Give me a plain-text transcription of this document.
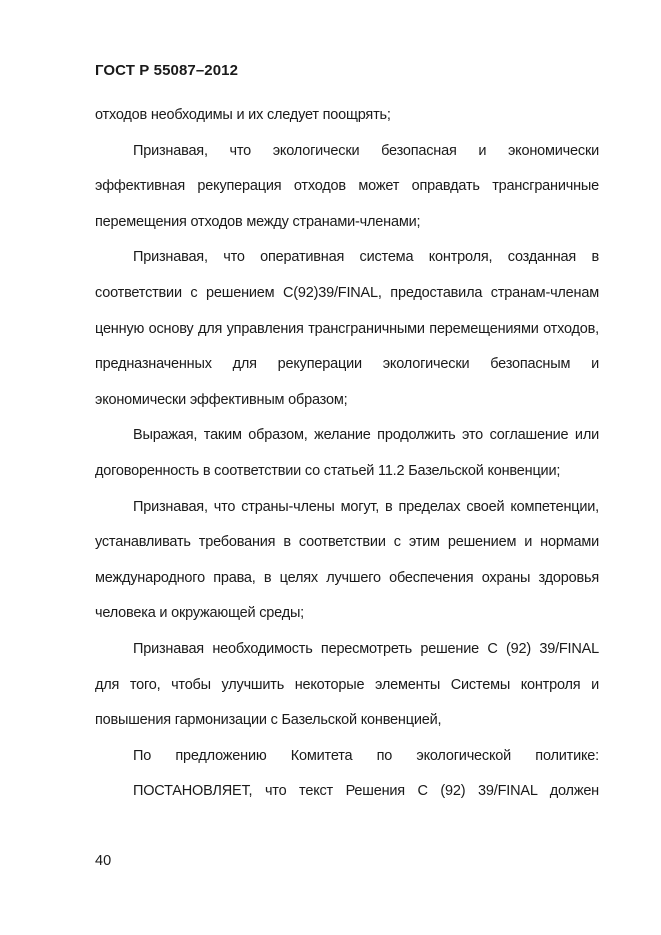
ГОСТ Р 55087–2012

отходов необходимы и их следует поощрять;

Признавая, что экологически безопасная и экономически эффективная рекуперация отходов может оправдать трансграничные перемещения отходов между странами-членами;

Признавая, что оперативная система контроля, созданная в соответствии с решением C(92)39/FINAL, предоставила странам-членам ценную основу для управления трансграничными перемещениями отходов, предназначенных для рекуперации экологически безопасным и экономически эффективным образом;

Выражая, таким образом, желание продолжить это соглашение или договоренность в соответствии со статьей 11.2 Базельской конвенции;

Признавая, что страны-члены могут, в пределах своей компетенции, устанавливать требования в соответствии с этим решением и нормами международного права, в целях лучшего обеспечения охраны здоровья человека и окружающей среды;

Признавая необходимость пересмотреть решение C (92) 39/FINAL для того, чтобы улучшить некоторые элементы Системы контроля и повышения гармонизации с Базельской конвенцией,

По предложению Комитета по экологической политике:

ПОСТАНОВЛЯЕТ, что текст Решения C (92) 39/FINAL должен

40
